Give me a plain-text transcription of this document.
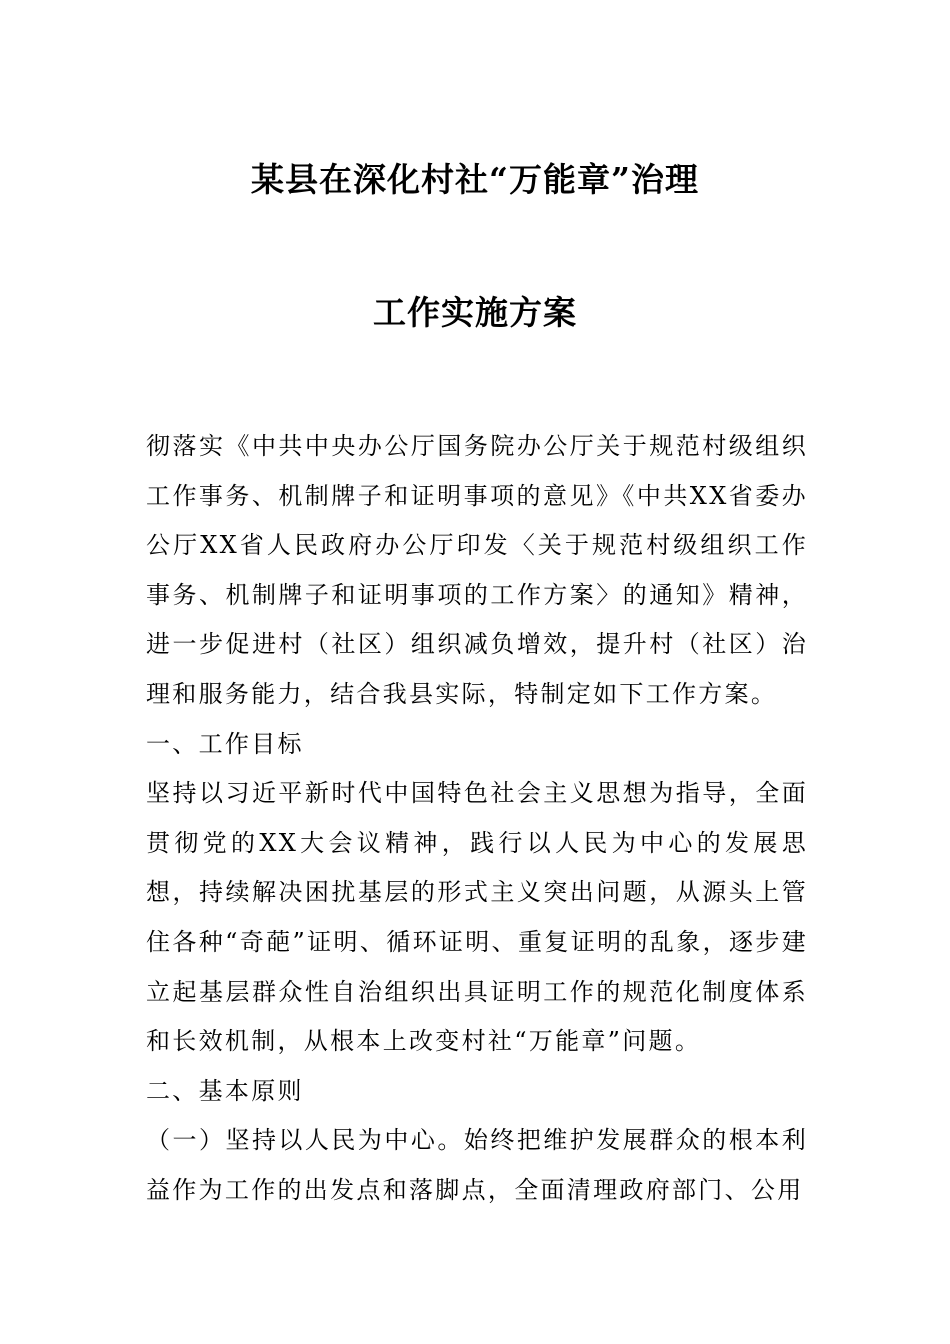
某县在深化村社“万能章”治理
工作实施方案

彻落实《中共中央办公厅国务院办公厅关于规范村级组织工作事务、机制牌子和证明事项的意见》《中共XX省委办公厅XX省人民政府办公厅印发〈关于规范村级组织工作事务、机制牌子和证明事项的工作方案〉的通知》精神，进一步促进村（社区）组织减负增效，提升村（社区）治理和服务能力，结合我县实际，特制定如下工作方案。

一、工作目标

坚持以习近平新时代中国特色社会主义思想为指导，全面贯彻党的XX大会议精神，践行以人民为中心的发展思想，持续解决困扰基层的形式主义突出问题，从源头上管住各种“奇葩”证明、循环证明、重复证明的乱象，逐步建立起基层群众性自治组织出具证明工作的规范化制度体系和长效机制，从根本上改变村社“万能章”问题。

二、基本原则

（一）坚持以人民为中心。始终把维护发展群众的根本利益作为工作的出发点和落脚点，全面清理政府部门、公用
